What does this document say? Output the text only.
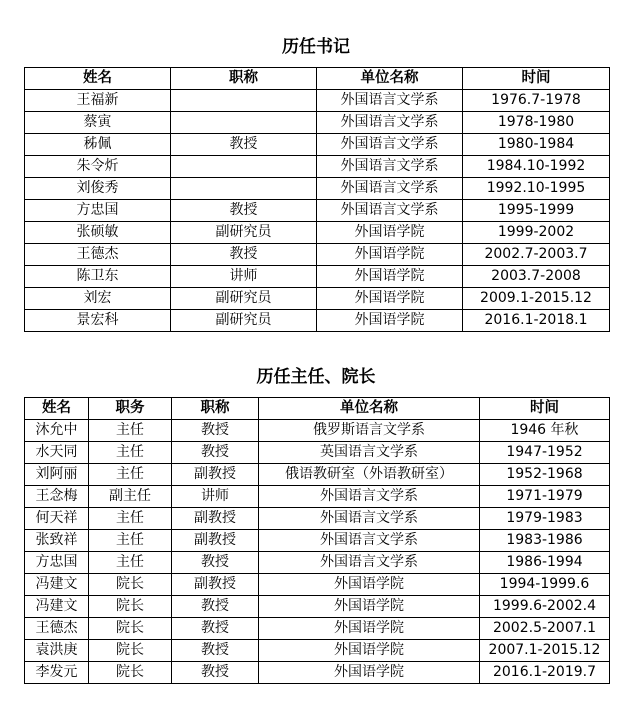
历任书记
姓名	职称	单位名称	时间
王福新		外国语言文学系	1976.7-1978
蔡寅		外国语言文学系	1978-1980
秭佩	教授	外国语言文学系	1980-1984
朱令炘		外国语言文学系	1984.10-1992
刘俊秀		外国语言文学系	1992.10-1995
方忠国	教授	外国语言文学系	1995-1999
张硕敏	副研究员	外国语学院	1999-2002
王德杰	教授	外国语学院	2002.7-2003.7
陈卫东	讲师	外国语学院	2003.7-2008
刘宏	副研究员	外国语学院	2009.1-2015.12
景宏科	副研究员	外国语学院	2016.1-2018.1
历任主任、院长
姓名	职务	职称	单位名称	时间
沐允中	主任	教授	俄罗斯语言文学系	1946 年秋
水天同	主任	教授	英国语言文学系	1947-1952
刘阿丽	主任	副教授	俄语教研室（外语教研室）	1952-1968
王念梅	副主任	讲师	外国语言文学系	1971-1979
何天祥	主任	副教授	外国语言文学系	1979-1983
张致祥	主任	副教授	外国语言文学系	1983-1986
方忠国	主任	教授	外国语言文学系	1986-1994
冯建文	院长	副教授	外国语学院	1994-1999.6
冯建文	院长	教授	外国语学院	1999.6-2002.4
王德杰	院长	教授	外国语学院	2002.5-2007.1
袁洪庚	院长	教授	外国语学院	2007.1-2015.12
李发元	院长	教授	外国语学院	2016.1-2019.7
